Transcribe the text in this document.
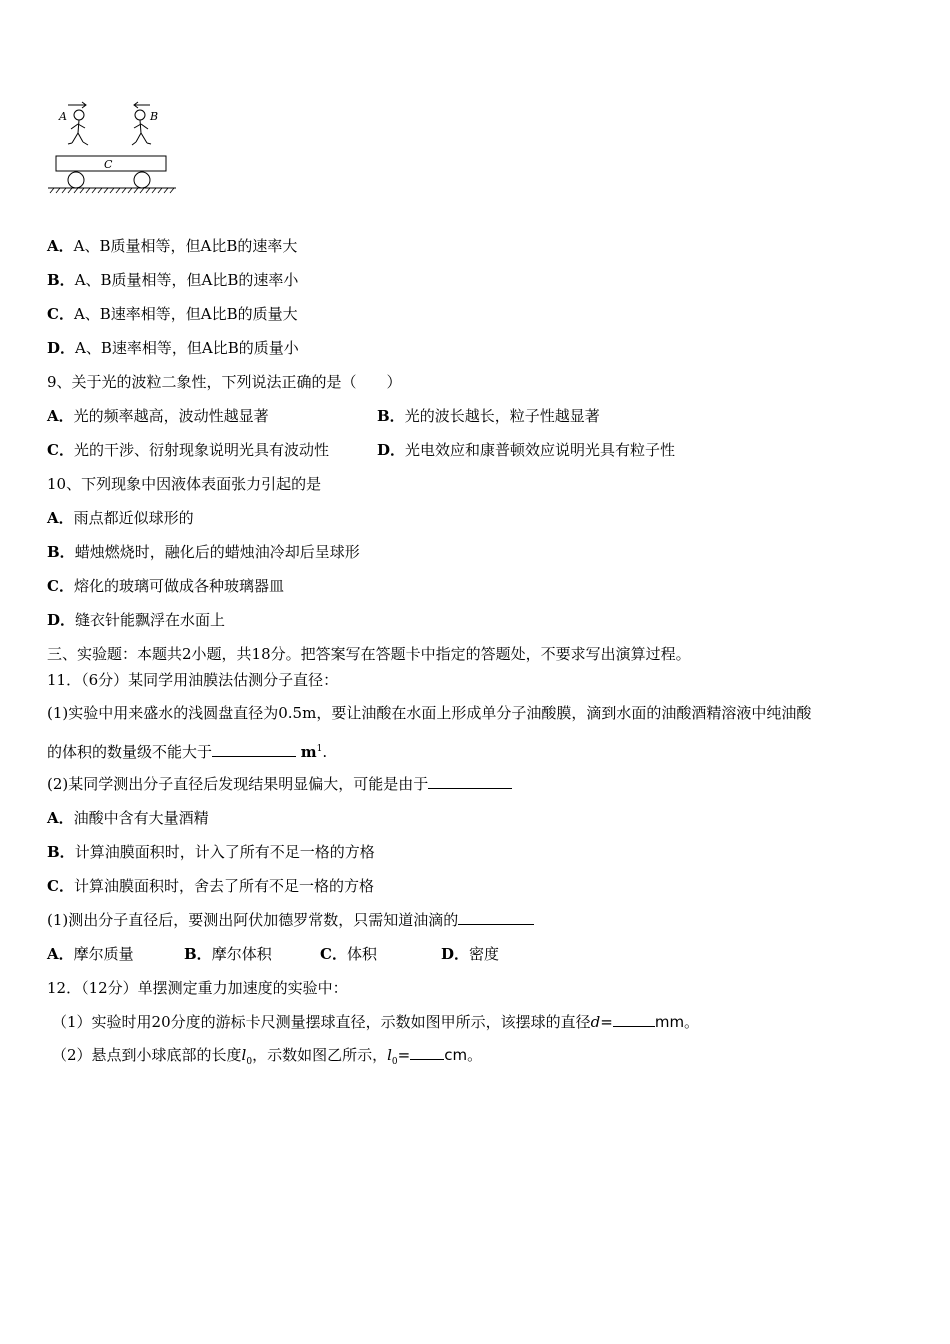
A	B
C
A．A、B质量相等，但A比B的速率大
B．A、B质量相等，但A比B的速率小
C．A、B速率相等，但A比B的质量大
D．A、B速率相等，但A比B的质量小
9、关于光的波粒二象性，下列说法正确的是（　　）
A．光的频率越高，波动性越显著	B．光的波长越长，粒子性越显著
C．光的干涉、衍射现象说明光具有波动性	D．光电效应和康普顿效应说明光具有粒子性
10、下列现象中因液体表面张力引起的是
A．雨点都近似球形的
B．蜡烛燃烧时，融化后的蜡烛油冷却后呈球形
C．熔化的玻璃可做成各种玻璃器皿
D．缝衣针能飘浮在水面上
三、实验题：本题共2小题，共18分。把答案写在答题卡中指定的答题处，不要求写出演算过程。
11．（6分）某同学用油膜法估测分子直径：
(1)实验中用来盛水的浅圆盘直径为0.5m，要让油酸在水面上形成单分子油酸膜，滴到水面的油酸酒精溶液中纯油酸
的体积的数量级不能大于	$m^1$.
(2)某同学测出分子直径后发现结果明显偏大，可能是由于
A．油酸中含有大量酒精
B．计算油膜面积时，计入了所有不足一格的方格
C．计算油膜面积时，舍去了所有不足一格的方格
(1)测出分子直径后，要测出阿伏加德罗常数，只需知道油滴的
A．摩尔质量	B．摩尔体积	C．体积	D．密度
12．（12分）单摆测定重力加速度的实验中：
（1）实验时用20分度的游标卡尺测量摆球直径，示数如图甲所示，该摆球的直径d=	mm。
（2）悬点到小球底部的长度$l_0$，示数如图乙所示，$l_0=$ cm。
